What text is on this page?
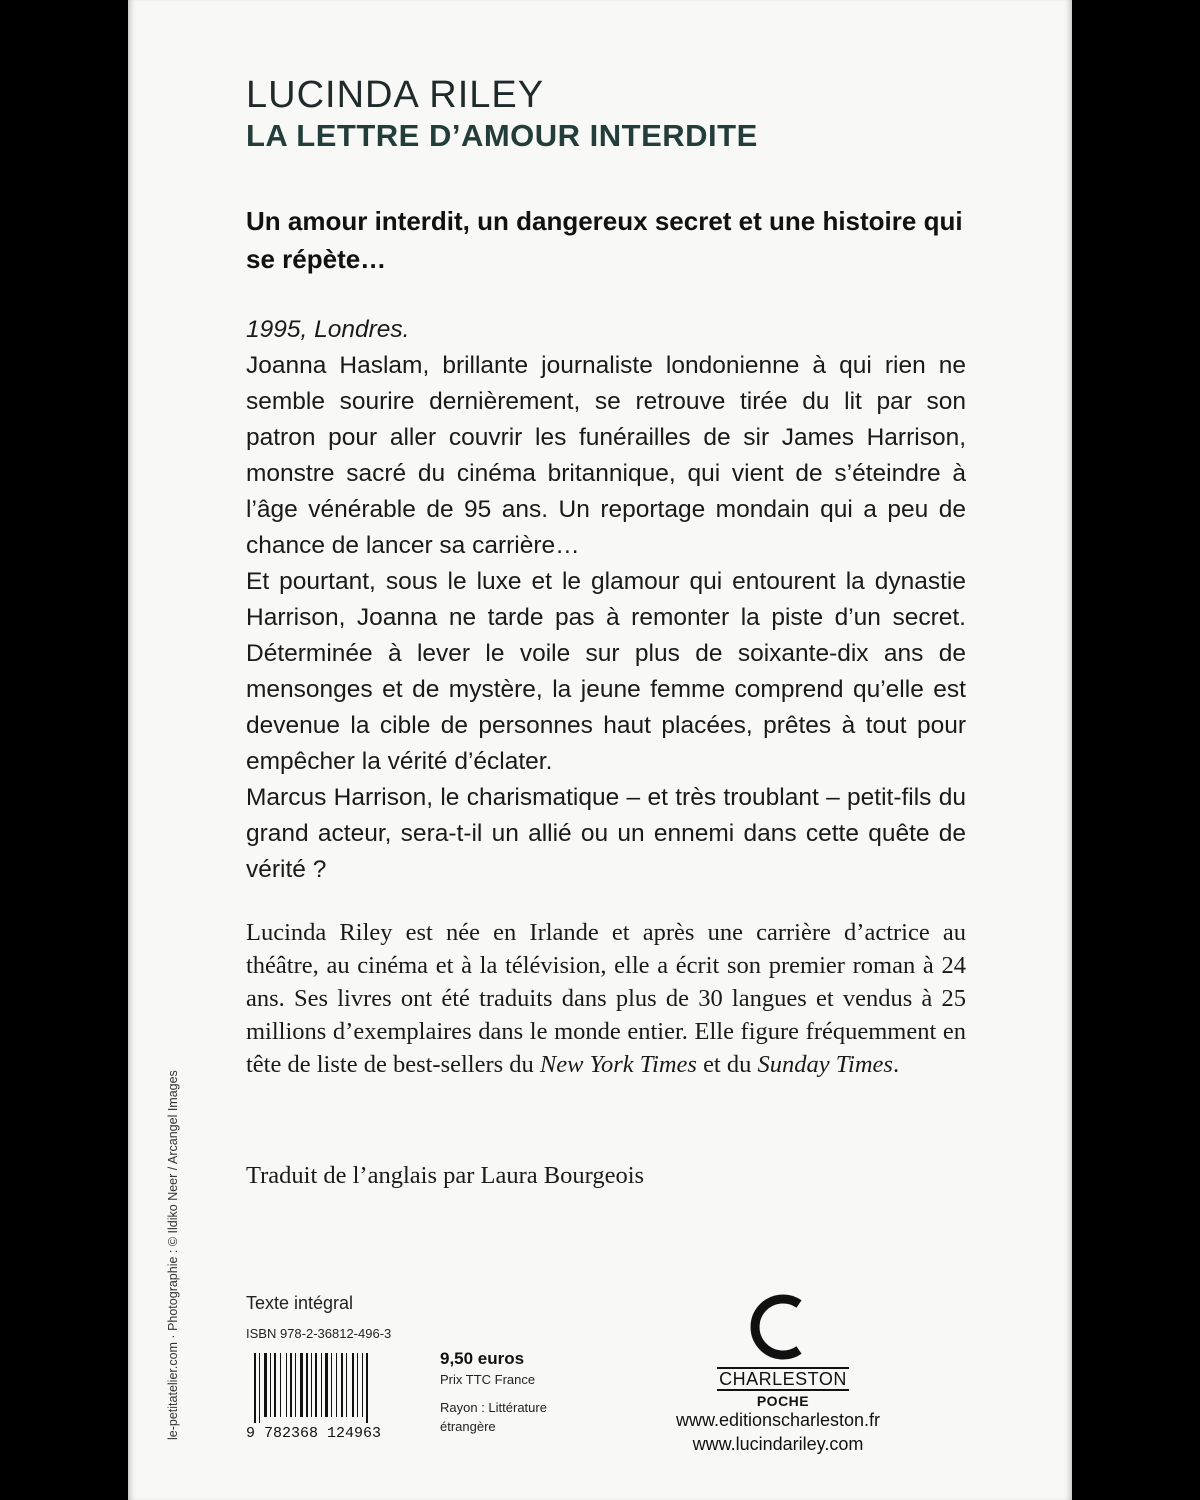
LUCINDA RILEY
LA LETTRE D’AMOUR INTERDITE
Un amour interdit, un dangereux secret et une histoire qui se répète…

1995, Londres.

Joanna Haslam, brillante journaliste londonienne à qui rien ne semble sourire dernièrement, se retrouve tirée du lit par son patron pour aller couvrir les funérailles de sir James Harrison, monstre sacré du cinéma britannique, qui vient de s’éteindre à l’âge vénérable de 95 ans. Un reportage mondain qui a peu de chance de lancer sa carrière…

Et pourtant, sous le luxe et le glamour qui entourent la dynastie Harrison, Joanna ne tarde pas à remonter la piste d’un secret. Déterminée à lever le voile sur plus de soixante-dix ans de mensonges et de mystère, la jeune femme comprend qu’elle est devenue la cible de personnes haut placées, prêtes à tout pour empêcher la vérité d’éclater.

Marcus Harrison, le charismatique – et très troublant – petit-fils du grand acteur, sera-t-il un allié ou un ennemi dans cette quête de vérité ?

Lucinda Riley est née en Irlande et après une carrière d’actrice au théâtre, au cinéma et à la télévision, elle a écrit son premier roman à 24 ans. Ses livres ont été traduits dans plus de 30 langues et vendus à 25 millions d’exemplaires dans le monde entier. Elle figure fréquemment en tête de liste de best-sellers du New York Times et du Sunday Times.
Traduit de l’anglais par Laura Bourgeois
le-petitatelier.com · Photographie : © Ildiko Neer / Arcangel Images	Texte intégral
ISBN 978-2-36812-496-3
9 782368 124963
9,50 euros
Prix TTC France
Rayon : Littérature étrangère
CHARLESTON
POCHE
www.editionscharleston.fr
www.lucindariley.com
